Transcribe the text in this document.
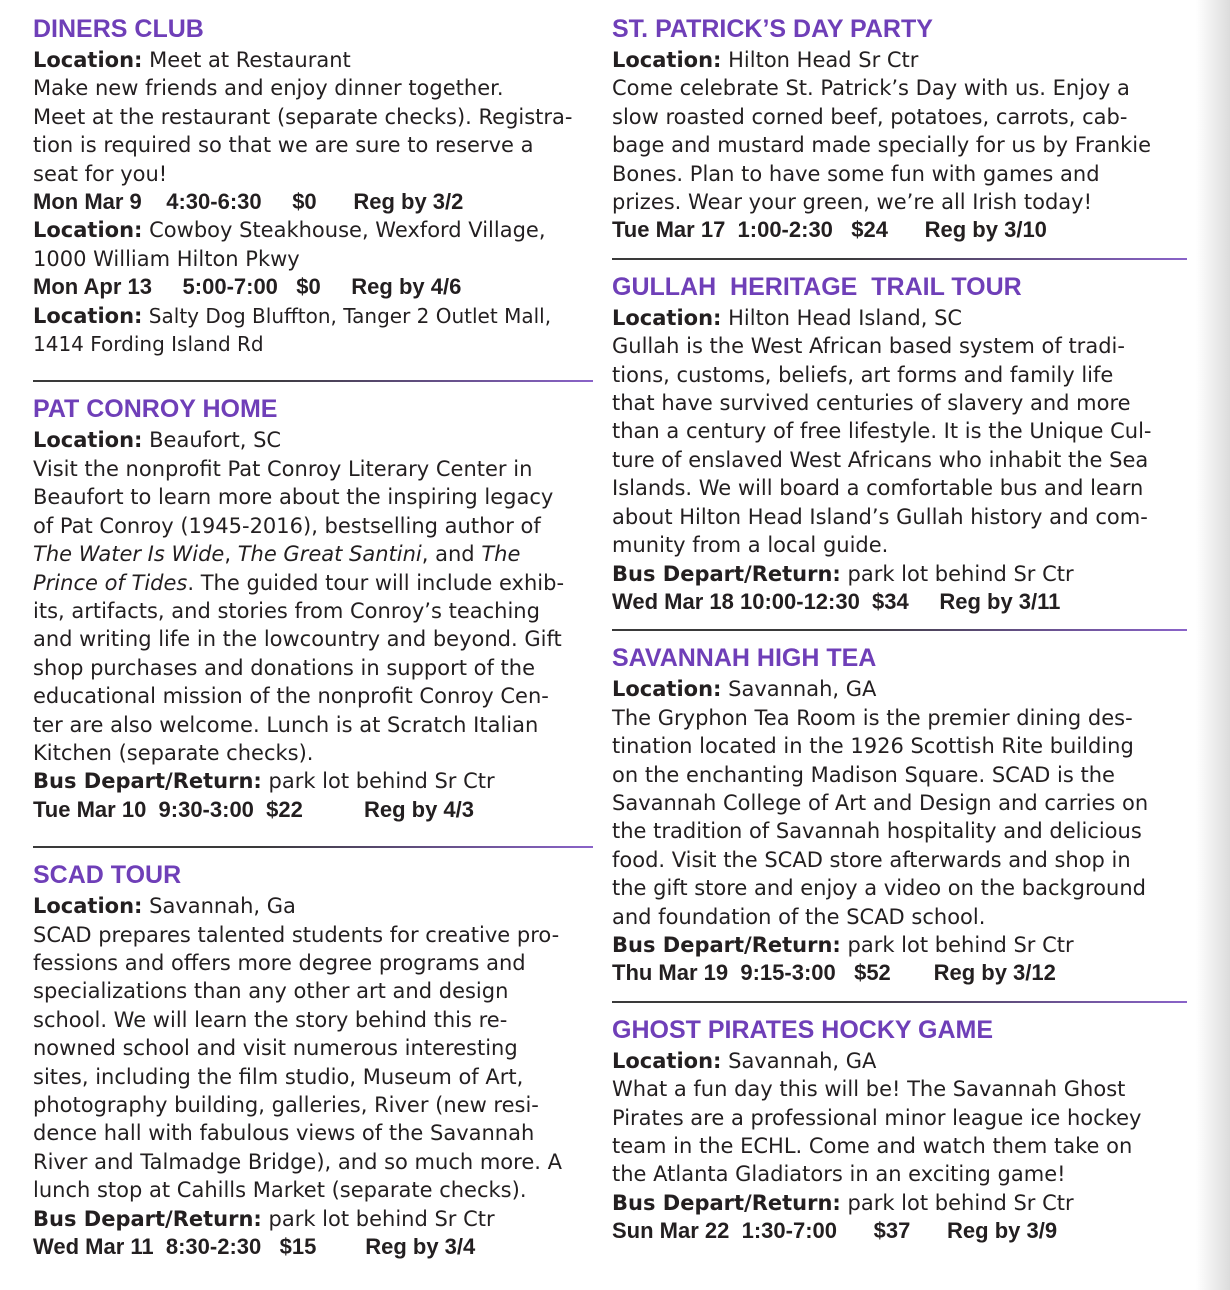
DINERS CLUB

Location: Meet at Restaurant

Make new friends and enjoy dinner together.

Meet at the restaurant (separate checks). Registra-

tion is required so that we are sure to reserve a

seat for you!

Mon Mar 9    4:30-6:30     $0      Reg by 3/2

Location: Cowboy Steakhouse, Wexford Village,

1000 William Hilton Pkwy

Mon Apr 13     5:00-7:00   $0     Reg by 4/6

Location: Salty Dog Bluffton, Tanger 2 Outlet Mall,

1414 Fording Island Rd

PAT CONROY HOME

Location: Beaufort, SC

Visit the nonprofit Pat Conroy Literary Center in

Beaufort to learn more about the inspiring legacy

of Pat Conroy (1945-2016), bestselling author of

The Water Is Wide, The Great Santini, and The

Prince of Tides. The guided tour will include exhib-

its, artifacts, and stories from Conroy’s teaching

and writing life in the lowcountry and beyond. Gift

shop purchases and donations in support of the

educational mission of the nonprofit Conroy Cen-

ter are also welcome. Lunch is at Scratch Italian

Kitchen (separate checks).

Bus Depart/Return: park lot behind Sr Ctr

Tue Mar 10  9:30-3:00  $22          Reg by 4/3

SCAD TOUR

Location: Savannah, Ga

SCAD prepares talented students for creative pro-

fessions and offers more degree programs and

specializations than any other art and design

school. We will learn the story behind this re-

nowned school and visit numerous interesting

sites, including the film studio, Museum of Art,

photography building, galleries, River (new resi-

dence hall with fabulous views of the Savannah

River and Talmadge Bridge), and so much more. A

lunch stop at Cahills Market (separate checks).

Bus Depart/Return: park lot behind Sr Ctr

Wed Mar 11  8:30-2:30   $15        Reg by 3/4

ST. PATRICK’S DAY PARTY

Location: Hilton Head Sr Ctr

Come celebrate St. Patrick’s Day with us. Enjoy a

slow roasted corned beef, potatoes, carrots, cab-

bage and mustard made specially for us by Frankie

Bones. Plan to have some fun with games and

prizes. Wear your green, we’re all Irish today!

Tue Mar 17  1:00-2:30   $24      Reg by 3/10

GULLAH  HERITAGE  TRAIL TOUR

Location: Hilton Head Island, SC

Gullah is the West African based system of tradi-

tions, customs, beliefs, art forms and family life

that have survived centuries of slavery and more

than a century of free lifestyle. It is the Unique Cul-

ture of enslaved West Africans who inhabit the Sea

Islands. We will board a comfortable bus and learn

about Hilton Head Island’s Gullah history and com-

munity from a local guide.

Bus Depart/Return: park lot behind Sr Ctr

Wed Mar 18 10:00-12:30  $34     Reg by 3/11

SAVANNAH HIGH TEA

Location: Savannah, GA

The Gryphon Tea Room is the premier dining des-

tination located in the 1926 Scottish Rite building

on the enchanting Madison Square. SCAD is the

Savannah College of Art and Design and carries on

the tradition of Savannah hospitality and delicious

food. Visit the SCAD store afterwards and shop in

the gift store and enjoy a video on the background

and foundation of the SCAD school.

Bus Depart/Return: park lot behind Sr Ctr

Thu Mar 19  9:15-3:00   $52       Reg by 3/12

GHOST PIRATES HOCKY GAME

Location: Savannah, GA

What a fun day this will be! The Savannah Ghost

Pirates are a professional minor league ice hockey

team in the ECHL. Come and watch them take on

the Atlanta Gladiators in an exciting game!

Bus Depart/Return: park lot behind Sr Ctr

Sun Mar 22  1:30-7:00      $37      Reg by 3/9
